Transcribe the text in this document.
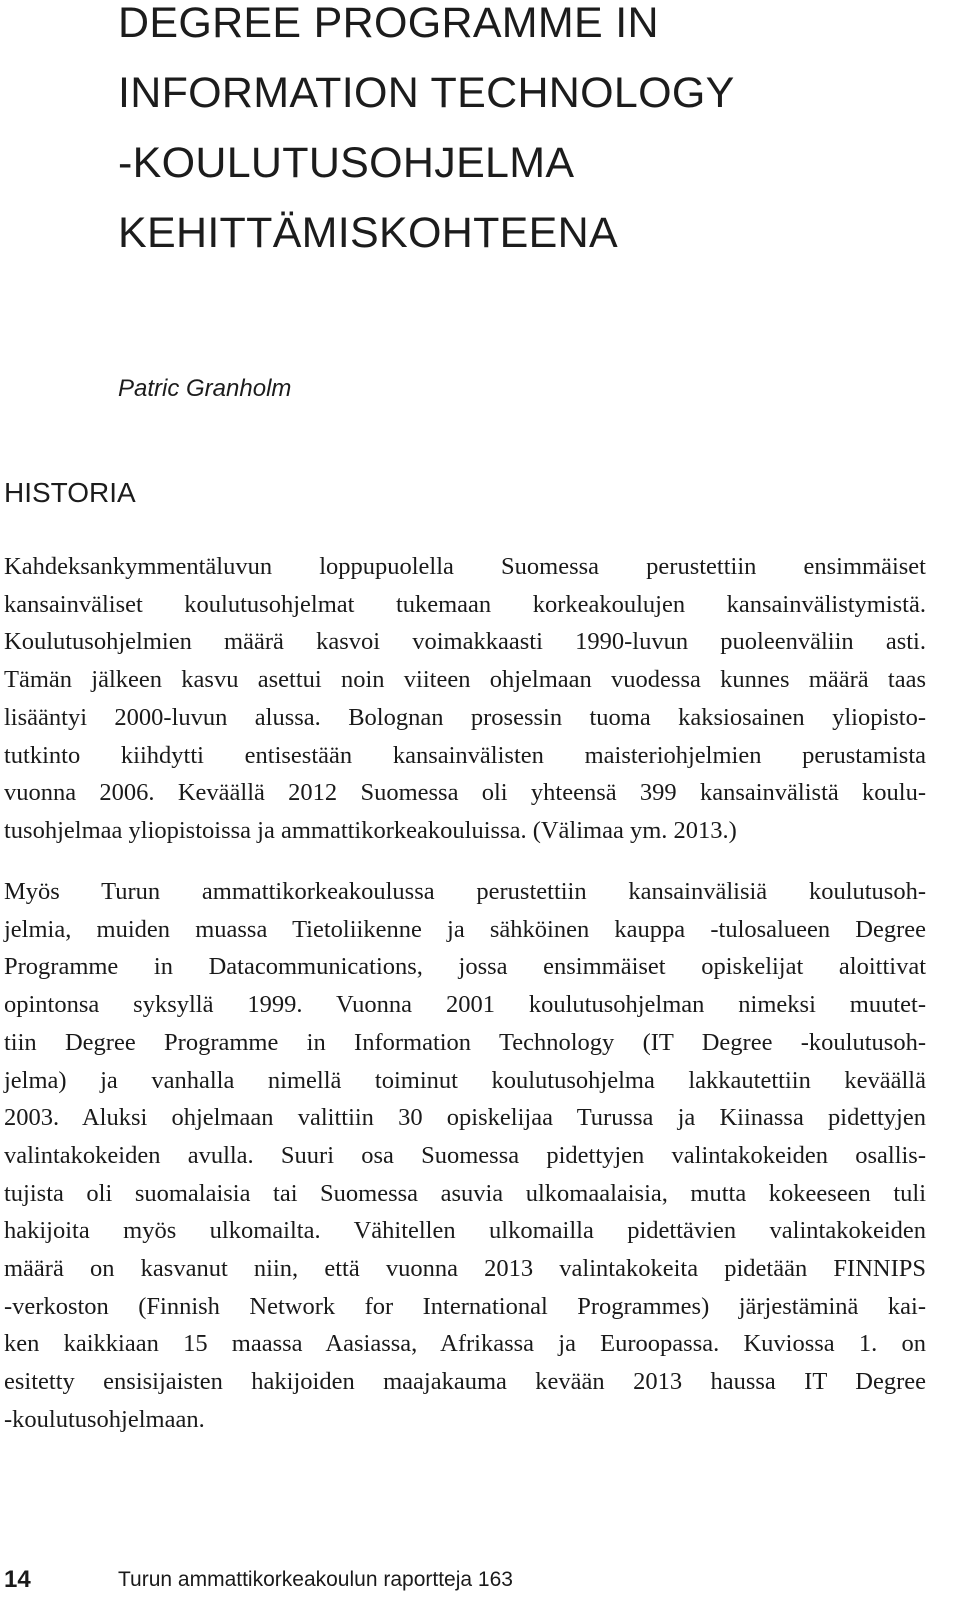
DEGREE PROGRAMME IN
INFORMATION TECHNOLOGY
-KOULUTUSOHJELMA
KEHITTÄMISKOHTEENA
Patric Granholm
HISTORIA

Kahdeksankymmentäluvun loppupuolella Suomessa perustettiin ensimmäiset
kansainväliset koulutusohjelmat tukemaan korkeakoulujen kansainvälistymistä.
Koulutusohjelmien määrä kasvoi voimakkaasti 1990-luvun puoleenväliin asti.
Tämän jälkeen kasvu asettui noin viiteen ohjelmaan vuodessa kunnes määrä taas
lisääntyi 2000-luvun alussa. Bolognan prosessin tuoma kaksiosainen yliopisto-
tutkinto kiihdytti entisestään kansainvälisten maisteriohjelmien perustamista
vuonna 2006. Keväällä 2012 Suomessa oli yhteensä 399 kansainvälistä koulu-
tusohjelmaa yliopistoissa ja ammattikorkeakouluissa. (Välimaa ym. 2013.)

Myös Turun ammattikorkeakoulussa perustettiin kansainvälisiä koulutusoh-
jelmia, muiden muassa Tietoliikenne ja sähköinen kauppa -tulosalueen Degree
Programme in Datacommunications, jossa ensimmäiset opiskelijat aloittivat
opintonsa syksyllä 1999. Vuonna 2001 koulutusohjelman nimeksi muutet-
tiin Degree Programme in Information Technology (IT Degree -koulutusoh-
jelma) ja vanhalla nimellä toiminut koulutusohjelma lakkautettiin keväällä
2003. Aluksi ohjelmaan valittiin 30 opiskelijaa Turussa ja Kiinassa pidettyjen
valintakokeiden avulla. Suuri osa Suomessa pidettyjen valintakokeiden osallis-
tujista oli suomalaisia tai Suomessa asuvia ulkomaalaisia, mutta kokeeseen tuli
hakijoita myös ulkomailta. Vähitellen ulkomailla pidettävien valintakokeiden
määrä on kasvanut niin, että vuonna 2013 valintakokeita pidetään FINNIPS
-verkoston (Finnish Network for International Programmes) järjestäminä kai-
ken kaikkiaan 15 maassa Aasiassa, Afrikassa ja Euroopassa. Kuviossa 1. on
esitetty ensisijaisten hakijoiden maajakauma kevään 2013 haussa IT Degree
-koulutusohjelmaan.

14	Turun ammattikorkeakoulun raportteja 163
